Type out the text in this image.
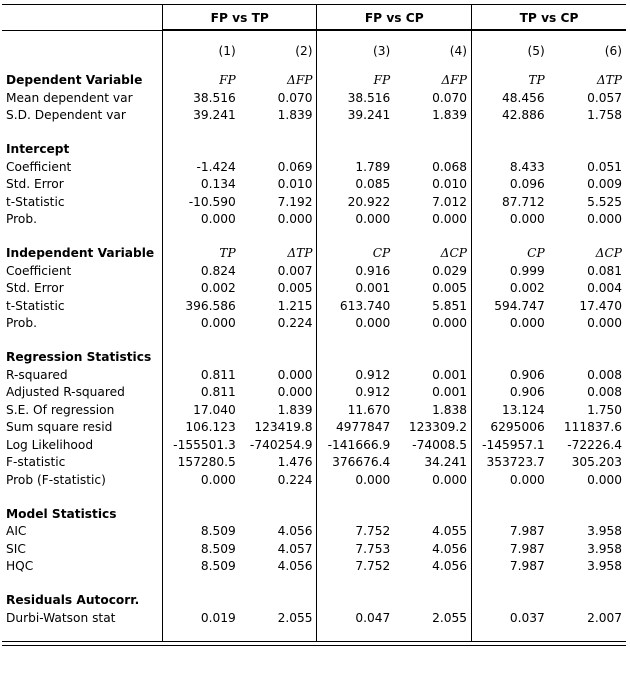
	FP vs TP		FP vs CP		TP vs CP	
	(1)	(2)	(3)	(4)	(5)	(6)
Dependent Variable	FP	ΔFP	FP	ΔFP	TP	ΔTP
Mean dependent var	38.516	0.070	38.516	0.070	48.456	0.057
S.D. Dependent var	39.241	1.839	39.241	1.839	42.886	1.758

Intercept						
Coefficient	-1.424	0.069	1.789	0.068	8.433	0.051
Std. Error	0.134	0.010	0.085	0.010	0.096	0.009
t-Statistic	-10.590	7.192	20.922	7.012	87.712	5.525
Prob.	0.000	0.000	0.000	0.000	0.000	0.000

Independent Variable	TP	ΔTP	CP	ΔCP	CP	ΔCP
Coefficient	0.824	0.007	0.916	0.029	0.999	0.081
Std. Error	0.002	0.005	0.001	0.005	0.002	0.004
t-Statistic	396.586	1.215	613.740	5.851	594.747	17.470
Prob.	0.000	0.224	0.000	0.000	0.000	0.000

Regression Statistics						
R-squared	0.811	0.000	0.912	0.001	0.906	0.008
Adjusted R-squared	0.811	0.000	0.912	0.001	0.906	0.008
S.E. Of regression	17.040	1.839	11.670	1.838	13.124	1.750
Sum square resid	106.123	123419.8	4977847	123309.2	6295006	111837.6
Log Likelihood	-155501.3	-740254.9	-141666.9	-74008.5	-145957.1	-72226.4
F-statistic	157280.5	1.476	376676.4	34.241	353723.7	305.203
Prob (F-statistic)	0.000	0.224	0.000	0.000	0.000	0.000

Model Statistics						
AIC	8.509	4.056	7.752	4.055	7.987	3.958
SIC	8.509	4.057	7.753	4.056	7.987	3.958
HQC	8.509	4.056	7.752	4.056	7.987	3.958

Residuals Autocorr.						
Durbi-Watson stat	0.019	2.055	0.047	2.055	0.037	2.007
